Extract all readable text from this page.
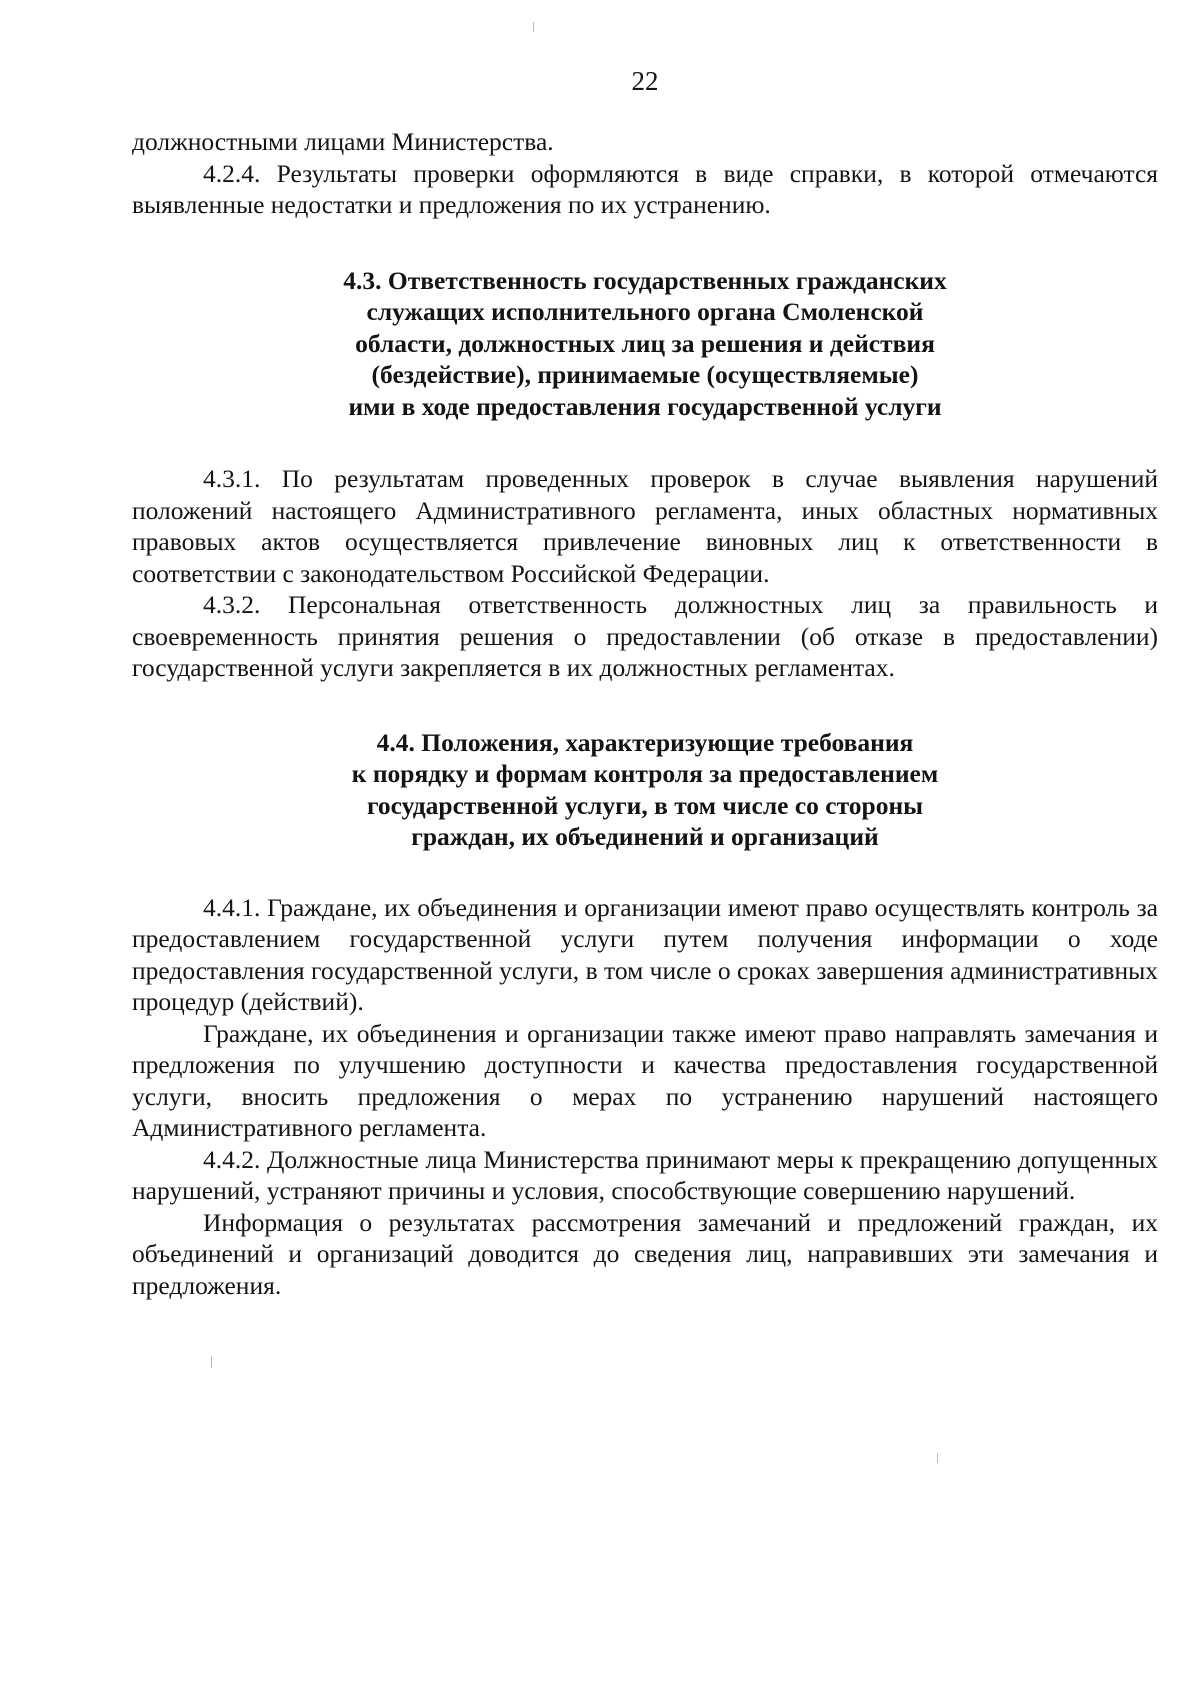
22

должностными лицами Министерства.

4.2.4. Результаты проверки оформляются в виде справки, в которой отмечаются выявленные недостатки и предложения по их устранению.

4.3. Ответственность государственных гражданских
служащих исполнительного органа Смоленской
области, должностных лиц за решения и действия
(бездействие), принимаемые (осуществляемые)
ими в ходе предоставления государственной услуги

4.3.1. По результатам проведенных проверок в случае выявления нарушений положений настоящего Административного регламента, иных областных нормативных правовых актов осуществляется привлечение виновных лиц к ответственности в соответствии с законодательством Российской Федерации.

4.3.2. Персональная ответственность должностных лиц за правильность и своевременность принятия решения о предоставлении (об отказе в предоставлении) государственной услуги закрепляется в их должностных регламентах.

4.4. Положения, характеризующие требования
к порядку и формам контроля за предоставлением
государственной услуги, в том числе со стороны
граждан, их объединений и организаций

4.4.1. Граждане, их объединения и организации имеют право осуществлять контроль за предоставлением государственной услуги путем получения информации о ходе предоставления государственной услуги, в том числе о сроках завершения административных процедур (действий).

Граждане, их объединения и организации также имеют право направлять замечания и предложения по улучшению доступности и качества предоставления государственной услуги, вносить предложения о мерах по устранению нарушений настоящего Административного регламента.

4.4.2. Должностные лица Министерства принимают меры к прекращению допущенных нарушений, устраняют причины и условия, способствующие совершению нарушений.

Информация о результатах рассмотрения замечаний и предложений граждан, их объединений и организаций доводится до сведения лиц, направивших эти замечания и предложения.
